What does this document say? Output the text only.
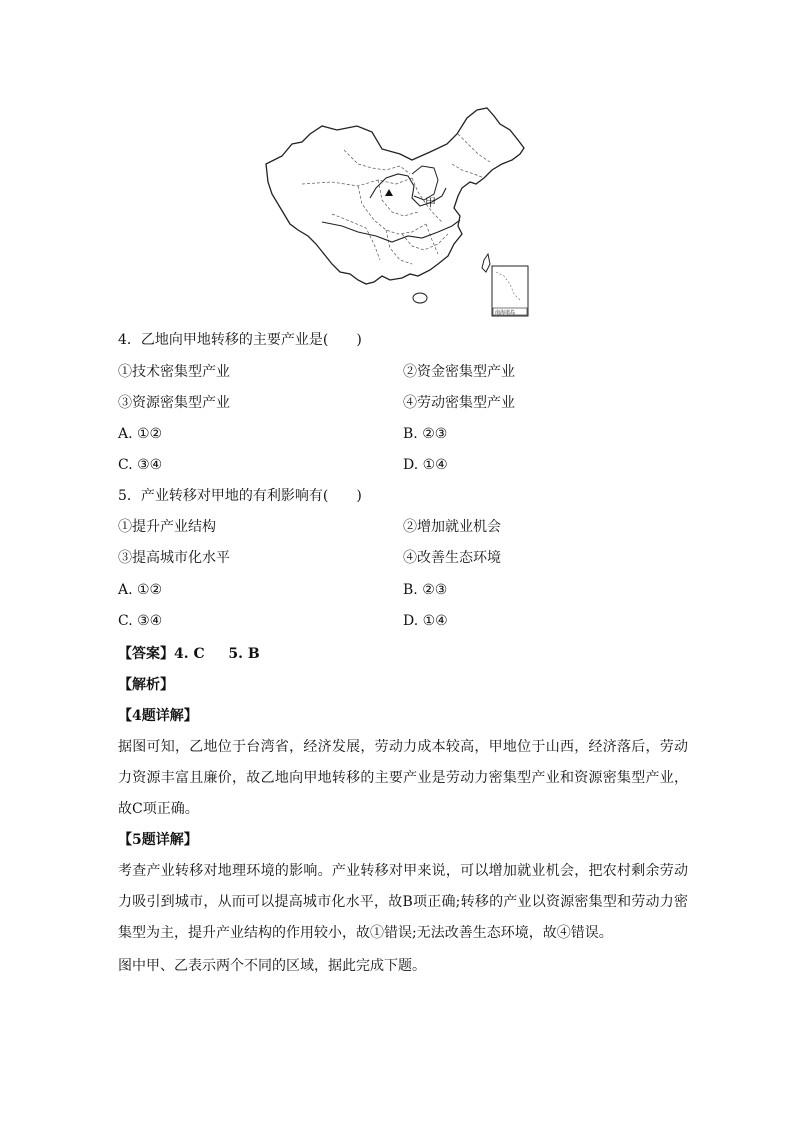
甲
南海诸岛
4．乙地向甲地转移的主要产业是(　　)
①技术密集型产业	②资金密集型产业
③资源密集型产业	④劳动密集型产业
A. ①②	B. ②③
C. ③④	D. ①④
5．产业转移对甲地的有利影响有(　　)
①提升产业结构	②增加就业机会
③提高城市化水平	④改善生态环境
A. ①②	B. ②③
C. ③④	D. ①④
【答案】4. C 　 5. B
【解析】
【4题详解】
据图可知，乙地位于台湾省，经济发展，劳动力成本较高，甲地位于山西，经济落后，劳动力资源丰富且廉价，故乙地向甲地转移的主要产业是劳动力密集型产业和资源密集型产业，故C项正确。
【5题详解】
考查产业转移对地理环境的影响。产业转移对甲来说，可以增加就业机会，把农村剩余劳动力吸引到城市，从而可以提高城市化水平，故B项正确;转移的产业以资源密集型和劳动力密集型为主，提升产业结构的作用较小，故①错误;无法改善生态环境，故④错误。
图中甲、乙表示两个不同的区域，据此完成下题。
